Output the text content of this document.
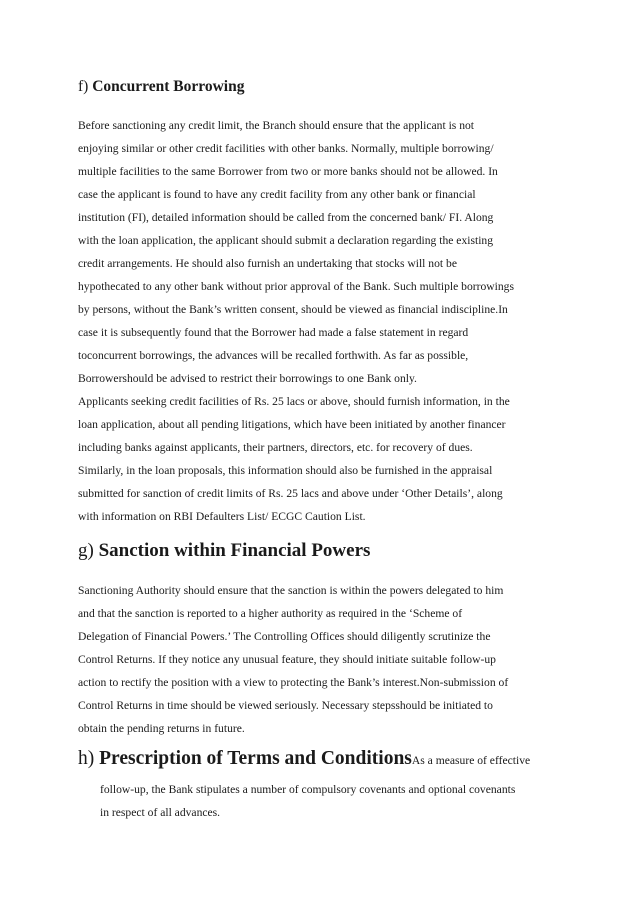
f) Concurrent Borrowing

Before sanctioning any credit limit, the Branch should ensure that the applicant is not
enjoying similar or other credit facilities with other banks. Normally, multiple borrowing/
multiple facilities to the same Borrower from two or more banks should not be allowed. In
case the applicant is found to have any credit facility from any other bank or financial
institution (FI), detailed information should be called from the concerned bank/ FI. Along
with the loan application, the applicant should submit a declaration regarding the existing
credit arrangements. He should also furnish an undertaking that stocks will not be
hypothecated to any other bank without prior approval of the Bank. Such multiple borrowings
by persons, without the Bank’s written consent, should be viewed as financial indiscipline.In
case it is subsequently found that the Borrower had made a false statement in regard
toconcurrent borrowings, the advances will be recalled forthwith. As far as possible,
Borrowershould be advised to restrict their borrowings to one Bank only.

Applicants seeking credit facilities of Rs. 25 lacs or above, should furnish information, in the
loan application, about all pending litigations, which have been initiated by another financer
including banks against applicants, their partners, directors, etc. for recovery of dues.
Similarly, in the loan proposals, this information should also be furnished in the appraisal
submitted for sanction of credit limits of Rs. 25 lacs and above under ‘Other Details’, along
with information on RBI Defaulters List/ ECGC Caution List.

g) Sanction within Financial Powers

Sanctioning Authority should ensure that the sanction is within the powers delegated to him
and that the sanction is reported to a higher authority as required in the ‘Scheme of
Delegation of Financial Powers.’ The Controlling Offices should diligently scrutinize the
Control Returns. If they notice any unusual feature, they should initiate suitable follow-up
action to rectify the position with a view to protecting the Bank’s interest.Non-submission of
Control Returns in time should be viewed seriously. Necessary stepsshould be initiated to
obtain the pending returns in future.

h) Prescription of Terms and ConditionsAs a measure of effective
follow-up, the Bank stipulates a number of compulsory covenants and optional covenants
in respect of all advances.
